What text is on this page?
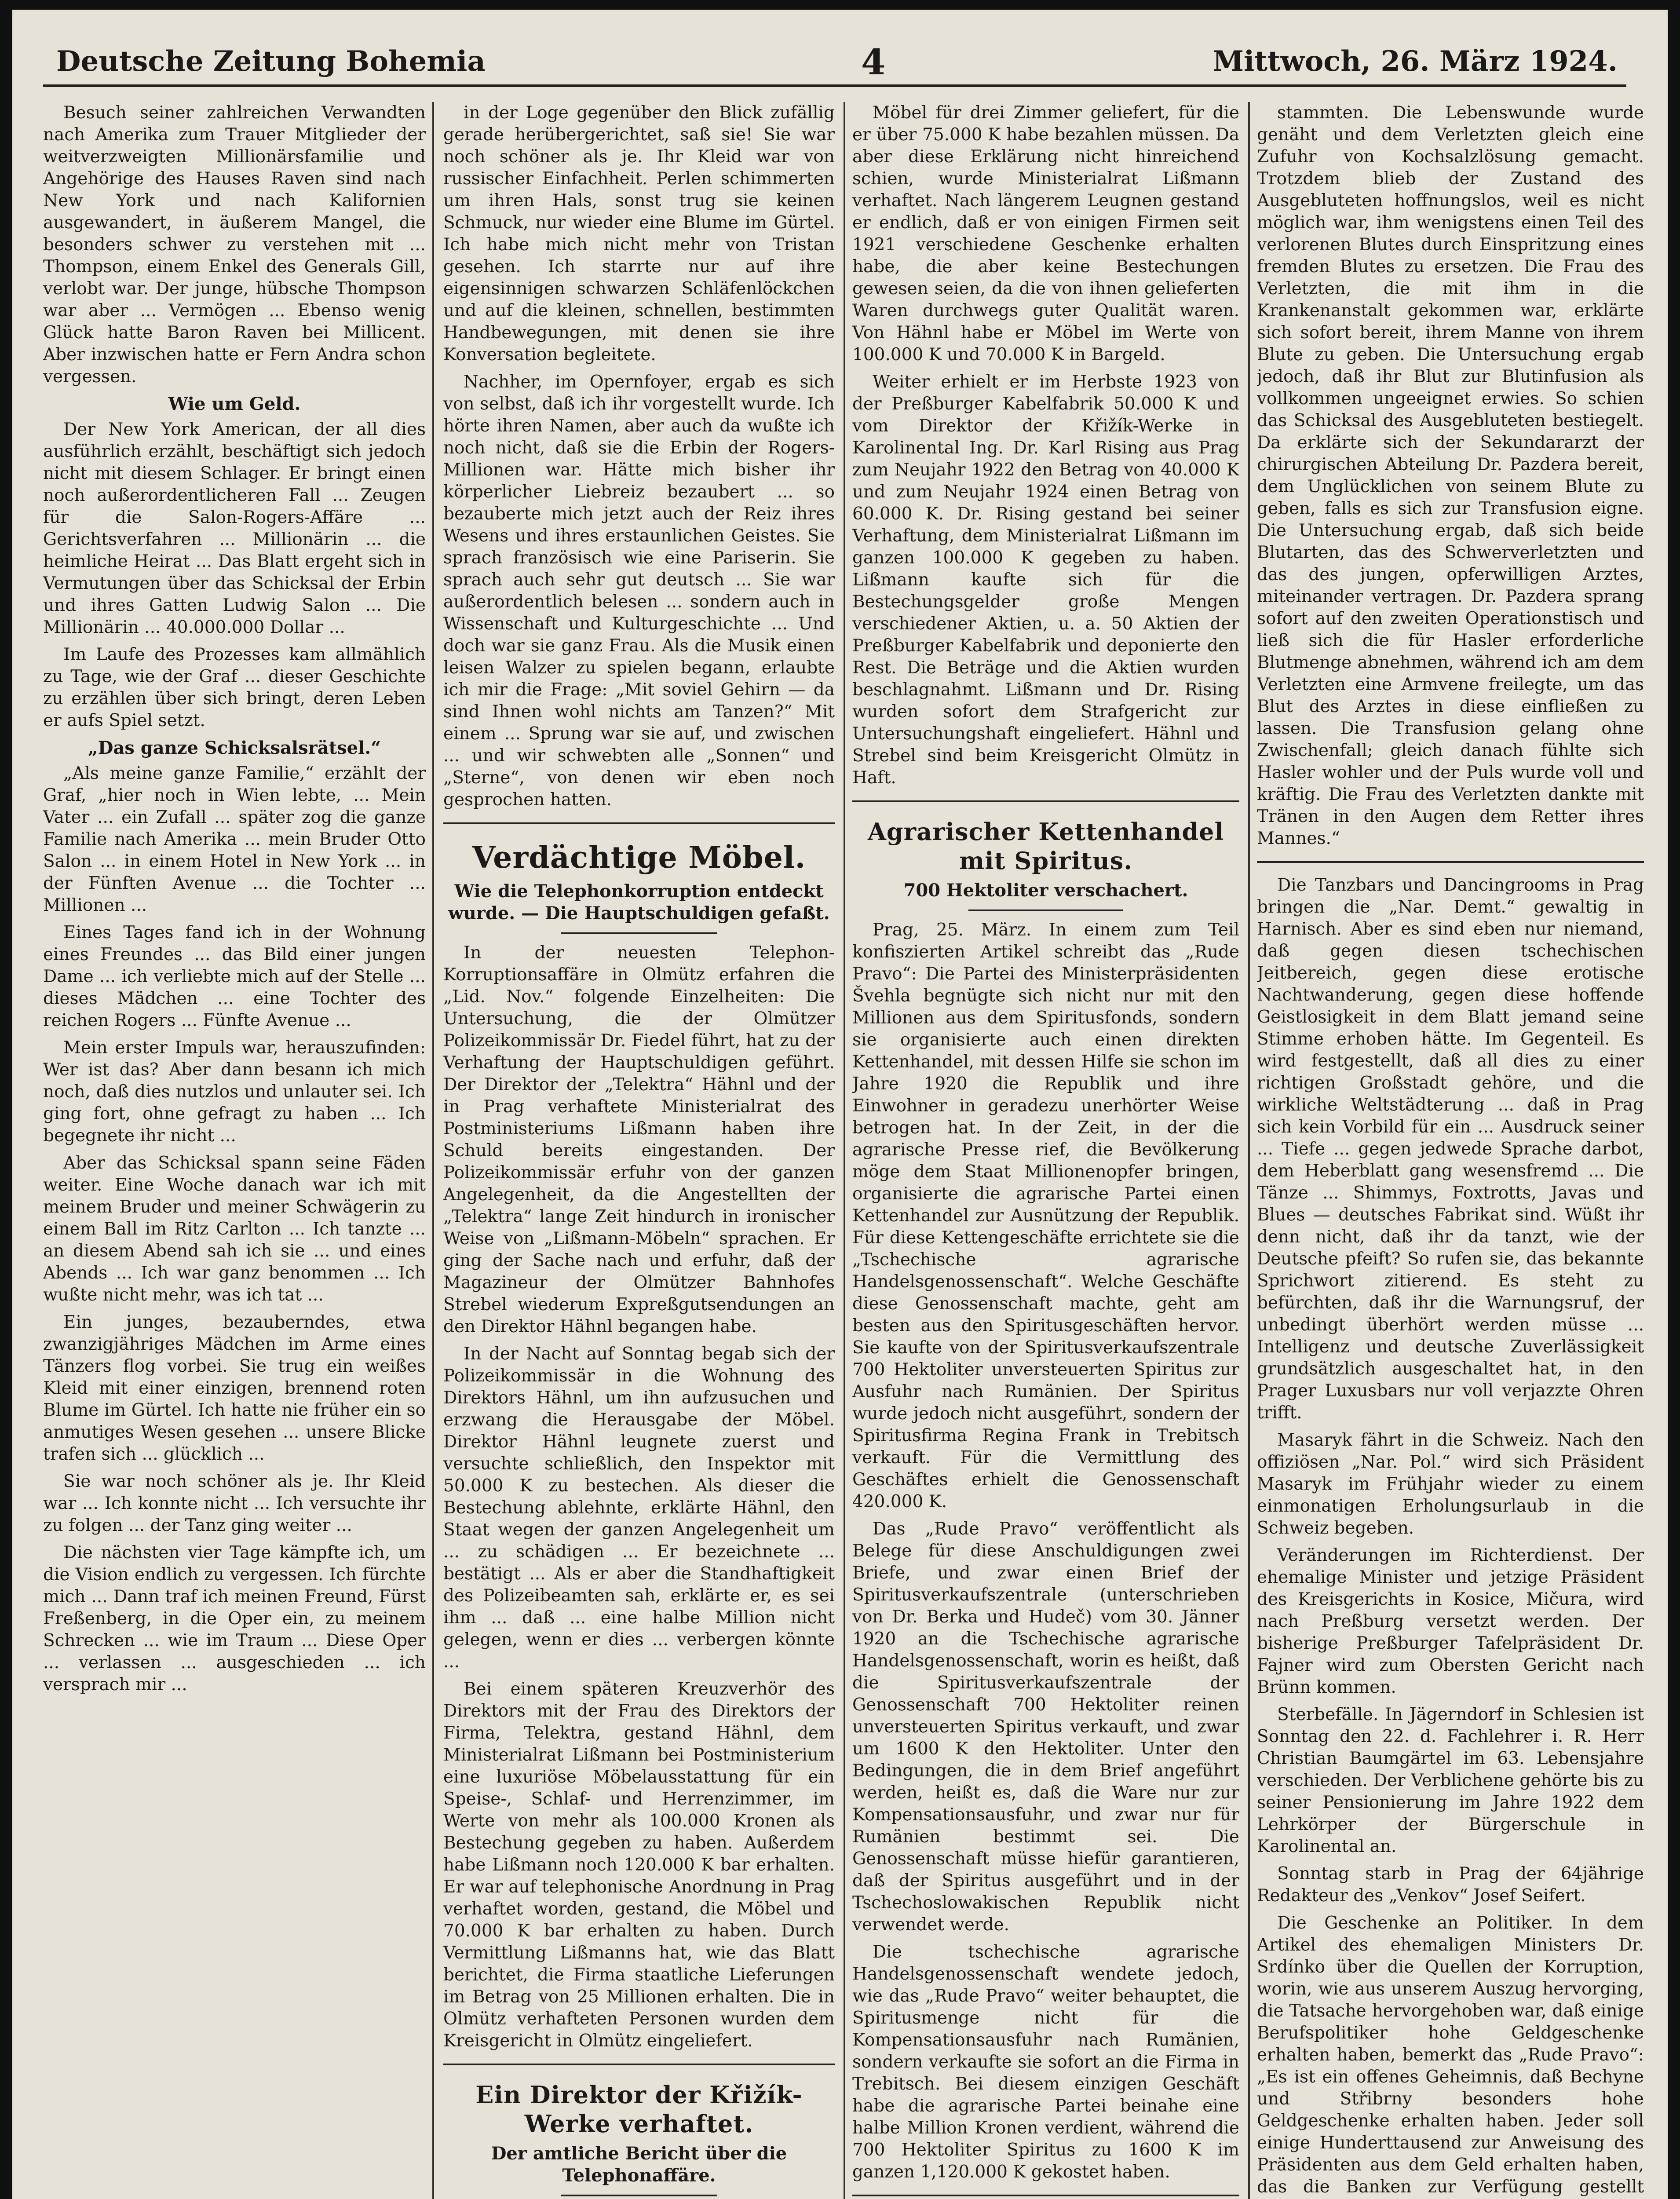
Deutsche Zeitung Bohemia	4	Mittwoch, 26. März 1924.

Besuch seiner zahlreichen Verwandten nach Amerika zum Trauer Mitglieder der weitverzweigten Millionärsfamilie und Angehörige des Hauses Raven sind nach New York und nach Kalifornien ausgewandert, in äußerem Mangel, die besonders schwer zu verstehen mit ... Thompson, einem Enkel des Generals Gill, verlobt war. Der junge, hübsche Thompson war aber ... Vermögen ... Ebenso wenig Glück hatte Baron Raven bei Millicent. Aber inzwischen hatte er Fern Andra schon vergessen.

Wie um Geld.

Der New York American, der all dies ausführlich erzählt, beschäftigt sich jedoch nicht mit diesem Schlager. Er bringt einen noch außerordentlicheren Fall ... Zeugen für die Salon-Rogers-Affäre ... Gerichtsverfahren ... Millionärin ... die heimliche Heirat ... Das Blatt ergeht sich in Vermutungen über das Schicksal der Erbin und ihres Gatten Ludwig Salon ... Die Millionärin ... 40.000.000 Dollar ...

Im Laufe des Prozesses kam allmählich zu Tage, wie der Graf ... dieser Geschichte zu erzählen über sich bringt, deren Leben er aufs Spiel setzt.

„Das ganze Schicksalsrätsel.“

„Als meine ganze Familie,“ erzählt der Graf, „hier noch in Wien lebte, ... Mein Vater ... ein Zufall ... später zog die ganze Familie nach Amerika ... mein Bruder Otto Salon ... in einem Hotel in New York ... in der Fünften Avenue ... die Tochter ... Millionen ...

Eines Tages fand ich in der Wohnung eines Freundes ... das Bild einer jungen Dame ... ich verliebte mich auf der Stelle ... dieses Mädchen ... eine Tochter des reichen Rogers ... Fünfte Avenue ...

Mein erster Impuls war, herauszufinden: Wer ist das? Aber dann besann ich mich noch, daß dies nutzlos und unlauter sei. Ich ging fort, ohne gefragt zu haben ... Ich begegnete ihr nicht ...

Aber das Schicksal spann seine Fäden weiter. Eine Woche danach war ich mit meinem Bruder und meiner Schwägerin zu einem Ball im Ritz Carlton ... Ich tanzte ... an diesem Abend sah ich sie ... und eines Abends ... Ich war ganz benommen ... Ich wußte nicht mehr, was ich tat ...

Ein junges, bezauberndes, etwa zwanzigjähriges Mädchen im Arme eines Tänzers flog vorbei. Sie trug ein weißes Kleid mit einer einzigen, brennend roten Blume im Gürtel. Ich hatte nie früher ein so anmutiges Wesen gesehen ... unsere Blicke trafen sich ... glücklich ...

Sie war noch schöner als je. Ihr Kleid war ... Ich konnte nicht ... Ich versuchte ihr zu folgen ... der Tanz ging weiter ...

Die nächsten vier Tage kämpfte ich, um die Vision endlich zu vergessen. Ich fürchte mich ... Dann traf ich meinen Freund, Fürst Freßenberg, in die Oper ein, zu meinem Schrecken ... wie im Traum ... Diese Oper ... verlassen ... ausgeschieden ... ich versprach mir ...

in der Loge gegenüber den Blick zufällig gerade herübergerichtet, saß sie! Sie war noch schöner als je. Ihr Kleid war von russischer Einfachheit. Perlen schimmerten um ihren Hals, sonst trug sie keinen Schmuck, nur wieder eine Blume im Gürtel. Ich habe mich nicht mehr von Tristan gesehen. Ich starrte nur auf ihre eigensinnigen schwarzen Schläfenlöckchen und auf die kleinen, schnellen, bestimmten Handbewegungen, mit denen sie ihre Konversation begleitete.

Nachher, im Opernfoyer, ergab es sich von selbst, daß ich ihr vorgestellt wurde. Ich hörte ihren Namen, aber auch da wußte ich noch nicht, daß sie die Erbin der Rogers-Millionen war. Hätte mich bisher ihr körperlicher Liebreiz bezaubert ... so bezauberte mich jetzt auch der Reiz ihres Wesens und ihres erstaunlichen Geistes. Sie sprach französisch wie eine Pariserin. Sie sprach auch sehr gut deutsch ... Sie war außerordentlich belesen ... sondern auch in Wissenschaft und Kulturgeschichte ... Und doch war sie ganz Frau. Als die Musik einen leisen Walzer zu spielen begann, erlaubte ich mir die Frage: „Mit soviel Gehirn — da sind Ihnen wohl nichts am Tanzen?“ Mit einem ... Sprung war sie auf, und zwischen ... und wir schwebten alle „Sonnen“ und „Sterne“, von denen wir eben noch gesprochen hatten.

Verdächtige Möbel.
Wie die Telephonkorruption entdeckt wurde. — Die Hauptschuldigen gefaßt.

In der neuesten Telephon-Korruptionsaffäre in Olmütz erfahren die „Lid. Nov.“ folgende Einzelheiten: Die Untersuchung, die der Olmützer Polizeikommissär Dr. Fiedel führt, hat zu der Verhaftung der Hauptschuldigen geführt. Der Direktor der „Telektra“ Hähnl und der in Prag verhaftete Ministerialrat des Postministeriums Lißmann haben ihre Schuld bereits eingestanden. Der Polizeikommissär erfuhr von der ganzen Angelegenheit, da die Angestellten der „Telektra“ lange Zeit hindurch in ironischer Weise von „Lißmann-Möbeln“ sprachen. Er ging der Sache nach und erfuhr, daß der Magazineur der Olmützer Bahnhofes Strebel wiederum Expreßgutsendungen an den Direktor Hähnl begangen habe.

In der Nacht auf Sonntag begab sich der Polizeikommissär in die Wohnung des Direktors Hähnl, um ihn aufzusuchen und erzwang die Herausgabe der Möbel. Direktor Hähnl leugnete zuerst und versuchte schließlich, den Inspektor mit 50.000 K zu bestechen. Als dieser die Bestechung ablehnte, erklärte Hähnl, den Staat wegen der ganzen Angelegenheit um ... zu schädigen ... Er bezeichnete ... bestätigt ... Als er aber die Standhaftigkeit des Polizeibeamten sah, erklärte er, es sei ihm ... daß ... eine halbe Million nicht gelegen, wenn er dies ... verbergen könnte ...

Bei einem späteren Kreuzverhör des Direktors mit der Frau des Direktors der Firma, Telektra, gestand Hähnl, dem Ministerialrat Lißmann bei Postministerium eine luxuriöse Möbelausstattung für ein Speise-, Schlaf- und Herrenzimmer, im Werte von mehr als 100.000 Kronen als Bestechung gegeben zu haben. Außerdem habe Lißmann noch 120.000 K bar erhalten. Er war auf telephonische Anordnung in Prag verhaftet worden, gestand, die Möbel und 70.000 K bar erhalten zu haben. Durch Vermittlung Lißmanns hat, wie das Blatt berichtet, die Firma staatliche Lieferungen im Betrag von 25 Millionen erhalten. Die in Olmütz verhafteten Personen wurden dem Kreisgericht in Olmütz eingeliefert.

Ein Direktor der Křižík-Werke verhaftet.
Der amtliche Bericht über die Telephonaffäre.

Möbel für drei Zimmer geliefert, für die er über 75.000 K habe bezahlen müssen. Da aber diese Erklärung nicht hinreichend schien, wurde Ministerialrat Lißmann verhaftet. Nach längerem Leugnen gestand er endlich, daß er von einigen Firmen seit 1921 verschiedene Geschenke erhalten habe, die aber keine Bestechungen gewesen seien, da die von ihnen gelieferten Waren durchwegs guter Qualität waren. Von Hähnl habe er Möbel im Werte von 100.000 K und 70.000 K in Bargeld.

Weiter erhielt er im Herbste 1923 von der Preßburger Kabelfabrik 50.000 K und vom Direktor der Křižík-Werke in Karolinental Ing. Dr. Karl Rising aus Prag zum Neujahr 1922 den Betrag von 40.000 K und zum Neujahr 1924 einen Betrag von 60.000 K. Dr. Rising gestand bei seiner Verhaftung, dem Ministerialrat Lißmann im ganzen 100.000 K gegeben zu haben. Lißmann kaufte sich für die Bestechungsgelder große Mengen verschiedener Aktien, u. a. 50 Aktien der Preßburger Kabelfabrik und deponierte den Rest. Die Beträge und die Aktien wurden beschlagnahmt. Lißmann und Dr. Rising wurden sofort dem Strafgericht zur Untersuchungshaft eingeliefert. Hähnl und Strebel sind beim Kreisgericht Olmütz in Haft.

Agrarischer Kettenhandel mit Spiritus.
700 Hektoliter verschachert.

Prag, 25. März. In einem zum Teil konfiszierten Artikel schreibt das „Rude Pravo“: Die Partei des Ministerpräsidenten Švehla begnügte sich nicht nur mit den Millionen aus dem Spiritusfonds, sondern sie organisierte auch einen direkten Kettenhandel, mit dessen Hilfe sie schon im Jahre 1920 die Republik und ihre Einwohner in geradezu unerhörter Weise betrogen hat. In der Zeit, in der die agrarische Presse rief, die Bevölkerung möge dem Staat Millionenopfer bringen, organisierte die agrarische Partei einen Kettenhandel zur Ausnützung der Republik. Für diese Kettengeschäfte errichtete sie die „Tschechische agrarische Handelsgenossenschaft“. Welche Geschäfte diese Genossenschaft machte, geht am besten aus den Spiritusgeschäften hervor. Sie kaufte von der Spiritusverkaufszentrale 700 Hektoliter unversteuerten Spiritus zur Ausfuhr nach Rumänien. Der Spiritus wurde jedoch nicht ausgeführt, sondern der Spiritusfirma Regina Frank in Trebitsch verkauft. Für die Vermittlung des Geschäftes erhielt die Genossenschaft 420.000 K.

Das „Rude Pravo“ veröffentlicht als Belege für diese Anschuldigungen zwei Briefe, und zwar einen Brief der Spiritusverkaufszentrale (unterschrieben von Dr. Berka und Hudeč) vom 30. Jänner 1920 an die Tschechische agrarische Handelsgenossenschaft, worin es heißt, daß die Spiritusverkaufszentrale der Genossenschaft 700 Hektoliter reinen unversteuerten Spiritus verkauft, und zwar um 1600 K den Hektoliter. Unter den Bedingungen, die in dem Brief angeführt werden, heißt es, daß die Ware nur zur Kompensationsausfuhr, und zwar nur für Rumänien bestimmt sei. Die Genossenschaft müsse hiefür garantieren, daß der Spiritus ausgeführt und in der Tschechoslowakischen Republik nicht verwendet werde.

Die tschechische agrarische Handelsgenossenschaft wendete jedoch, wie das „Rude Pravo“ weiter behauptet, die Spiritusmenge nicht für die Kompensationsausfuhr nach Rumänien, sondern verkaufte sie sofort an die Firma in Trebitsch. Bei diesem einzigen Geschäft habe die agrarische Partei beinahe eine halbe Million Kronen verdient, während die 700 Hektoliter Spiritus zu 1600 K im ganzen 1,120.000 K gekostet haben.

stammten. Die Lebenswunde wurde genäht und dem Verletzten gleich eine Zufuhr von Kochsalzlösung gemacht. Trotzdem blieb der Zustand des Ausgebluteten hoffnungslos, weil es nicht möglich war, ihm wenigstens einen Teil des verlorenen Blutes durch Einspritzung eines fremden Blutes zu ersetzen. Die Frau des Verletzten, die mit ihm in die Krankenanstalt gekommen war, erklärte sich sofort bereit, ihrem Manne von ihrem Blute zu geben. Die Untersuchung ergab jedoch, daß ihr Blut zur Blutinfusion als vollkommen ungeeignet erwies. So schien das Schicksal des Ausgebluteten bestiegelt. Da erklärte sich der Sekundararzt der chirurgischen Abteilung Dr. Pazdera bereit, dem Unglücklichen von seinem Blute zu geben, falls es sich zur Transfusion eigne. Die Untersuchung ergab, daß sich beide Blutarten, das des Schwerverletzten und das des jungen, opferwilligen Arztes, miteinander vertragen. Dr. Pazdera sprang sofort auf den zweiten Operationstisch und ließ sich die für Hasler erforderliche Blutmenge abnehmen, während ich am dem Verletzten eine Armvene freilegte, um das Blut des Arztes in diese einfließen zu lassen. Die Transfusion gelang ohne Zwischenfall; gleich danach fühlte sich Hasler wohler und der Puls wurde voll und kräftig. Die Frau des Verletzten dankte mit Tränen in den Augen dem Retter ihres Mannes.“

Die Tanzbars und Dancingrooms in Prag bringen die „Nar. Demt.“ gewaltig in Harnisch. Aber es sind eben nur niemand, daß gegen diesen tschechischen Jeitbereich, gegen diese erotische Nachtwanderung, gegen diese hoffende Geistlosigkeit in dem Blatt jemand seine Stimme erhoben hätte. Im Gegenteil. Es wird festgestellt, daß all dies zu einer richtigen Großstadt gehöre, und die wirkliche Weltstädterung ... daß in Prag sich kein Vorbild für ein ... Ausdruck seiner ... Tiefe ... gegen jedwede Sprache darbot, dem Heberblatt gang wesensfremd ... Die Tänze ... Shimmys, Foxtrotts, Javas und Blues — deutsches Fabrikat sind. Wüßt ihr denn nicht, daß ihr da tanzt, wie der Deutsche pfeift? So rufen sie, das bekannte Sprichwort zitierend. Es steht zu befürchten, daß ihr die Warnungsruf, der unbedingt überhört werden müsse ... Intelligenz und deutsche Zuverlässigkeit grundsätzlich ausgeschaltet hat, in den Prager Luxusbars nur voll verjazzte Ohren trifft.

Masaryk fährt in die Schweiz. Nach den offiziösen „Nar. Pol.“ wird sich Präsident Masaryk im Frühjahr wieder zu einem einmonatigen Erholungsurlaub in die Schweiz begeben.

Veränderungen im Richterdienst. Der ehemalige Minister und jetzige Präsident des Kreisgerichts in Kosice, Mičura, wird nach Preßburg versetzt werden. Der bisherige Preßburger Tafelpräsident Dr. Fajner wird zum Obersten Gericht nach Brünn kommen.

Sterbefälle. In Jägerndorf in Schlesien ist Sonntag den 22. d. Fachlehrer i. R. Herr Christian Baumgärtel im 63. Lebensjahre verschieden. Der Verblichene gehörte bis zu seiner Pensionierung im Jahre 1922 dem Lehrkörper der Bürgerschule in Karolinental an.

Sonntag starb in Prag der 64jährige Redakteur des „Venkov“ Josef Seifert.

Die Geschenke an Politiker. In dem Artikel des ehemaligen Ministers Dr. Srdínko über die Quellen der Korruption, worin, wie aus unserem Auszug hervorging, die Tatsache hervorgehoben war, daß einige Berufspolitiker hohe Geldgeschenke erhalten haben, bemerkt das „Rude Pravo“: „Es ist ein offenes Geheimnis, daß Bechyne und Střibrny besonders hohe Geldgeschenke erhalten haben. Jeder soll einige Hunderttausend zur Anweisung des Präsidenten aus dem Geld erhalten haben, das die Banken zur Verfügung gestellt
